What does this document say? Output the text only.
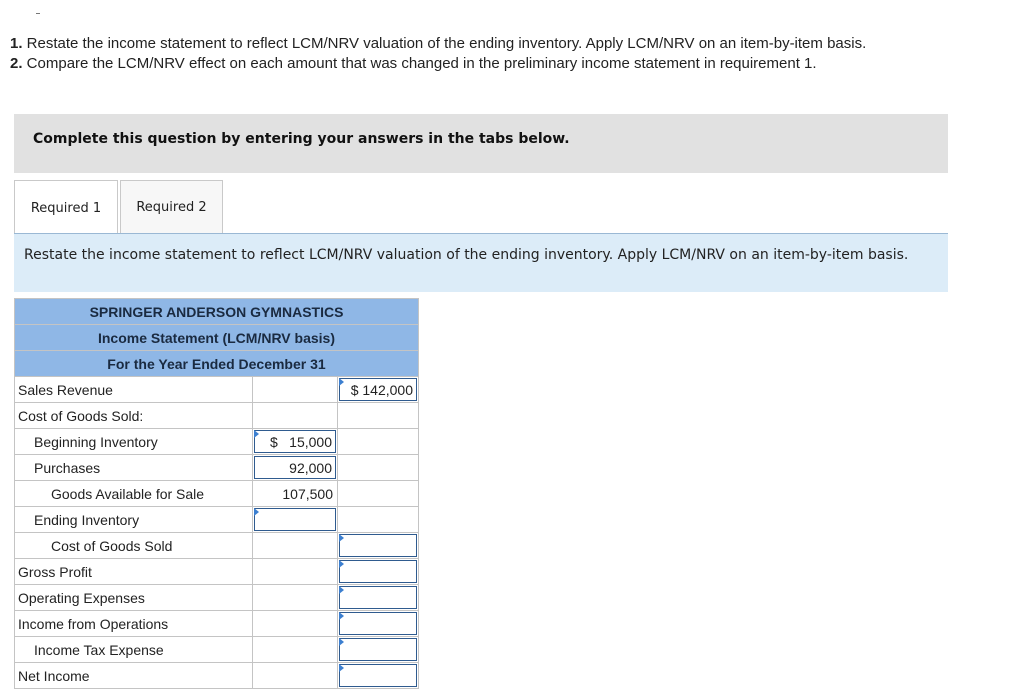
1. Restate the income statement to reflect LCM/NRV valuation of the ending inventory. Apply LCM/NRV on an item-by-item basis.
2. Compare the LCM/NRV effect on each amount that was changed in the preliminary income statement in requirement 1.
Complete this question by entering your answers in the tabs below.
Required 1	Required 2
Restate the income statement to reflect LCM/NRV valuation of the ending inventory. Apply LCM/NRV on an item-by-item basis.
SPRINGER ANDERSON GYMNASTICS		
Income Statement (LCM/NRV basis)		
For the Year Ended December 31		
Sales Revenue		$ 142,000

Cost of Goods Sold:		
Beginning Inventory	$ 15,000	

Purchases	92,000	

Goods Available for Sale	107,500	
Ending Inventory	

Cost of Goods Sold		

Gross Profit		

Operating Expenses		

Income from Operations		

Income Tax Expense		

Net Income		
